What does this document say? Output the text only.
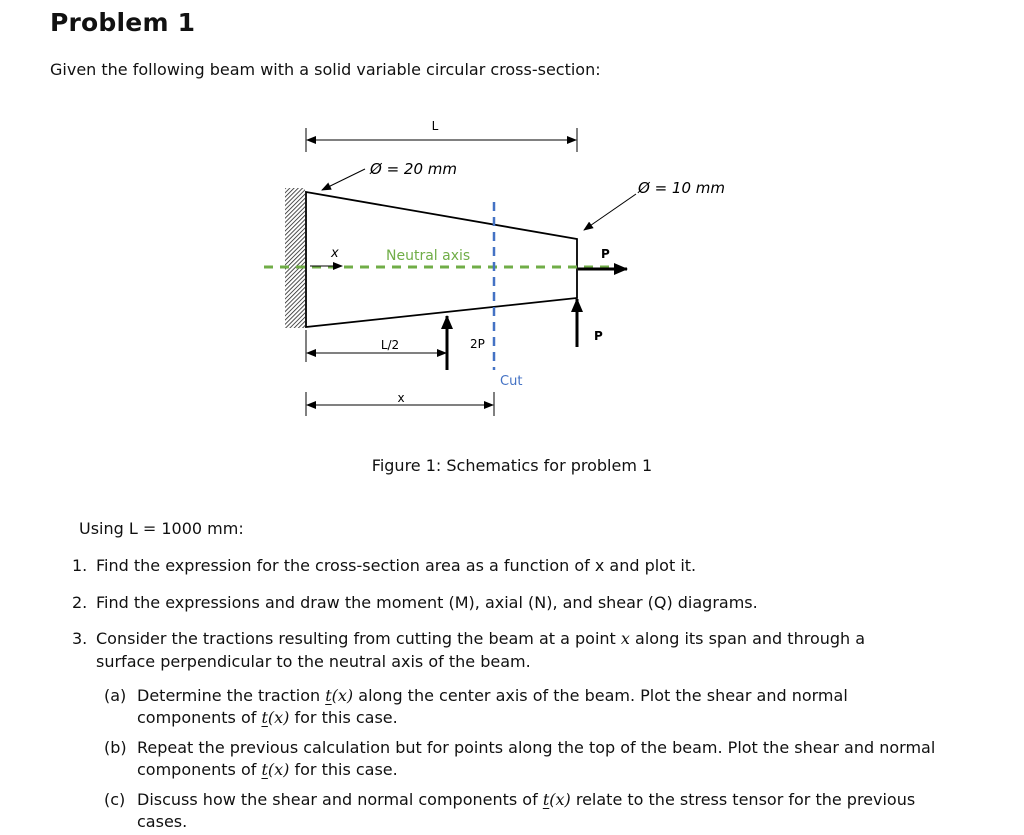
Problem 1

Given the following beam with a solid variable circular cross-section:

L
Ø = 20 mm
Ø = 10 mm
Neutral axis
x
Cut
P
P
2P
L/2
x
Figure 1: Schematics for problem 1
Using L = 1000 mm:
1. Find the expression for the cross-section area as a function of x and plot it.
2. Find the expressions and draw the moment (M), axial (N), and shear (Q) diagrams.
3. Consider the tractions resulting from cutting the beam at a point x along its span and through a surface perpendicular to the neutral axis of the beam.
(a) Determine the traction t(x) along the center axis of the beam. Plot the shear and normal components of t(x) for this case.
(b) Repeat the previous calculation but for points along the top of the beam. Plot the shear and normal components of t(x) for this case.
(c) Discuss how the shear and normal components of t(x) relate to the stress tensor for the previous cases.
